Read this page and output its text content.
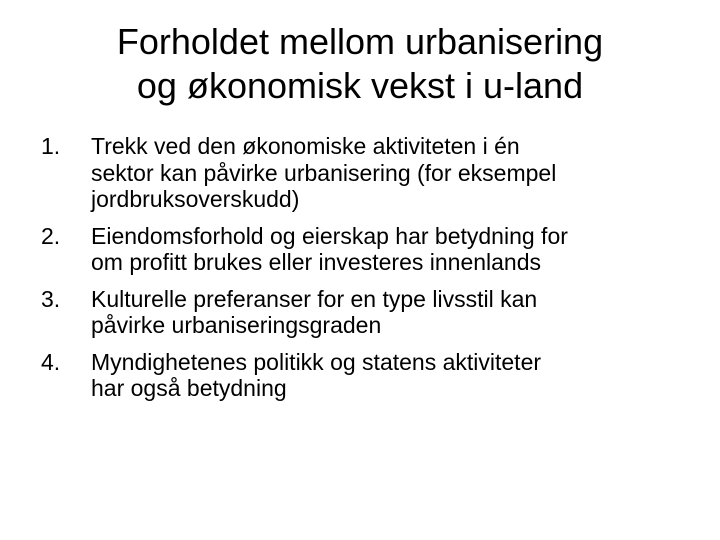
Forholdet mellom urbanisering
og økonomisk vekst i u-land
1. Trekk ved den økonomiske aktiviteten i én
sektor kan påvirke urbanisering (for eksempel
jordbruksoverskudd)
2. Eiendomsforhold og eierskap har betydning for
om profitt brukes eller investeres innenlands
3. Kulturelle preferanser for en type livsstil kan
påvirke urbaniseringsgraden
4. Myndighetenes politikk og statens aktiviteter
har også betydning
